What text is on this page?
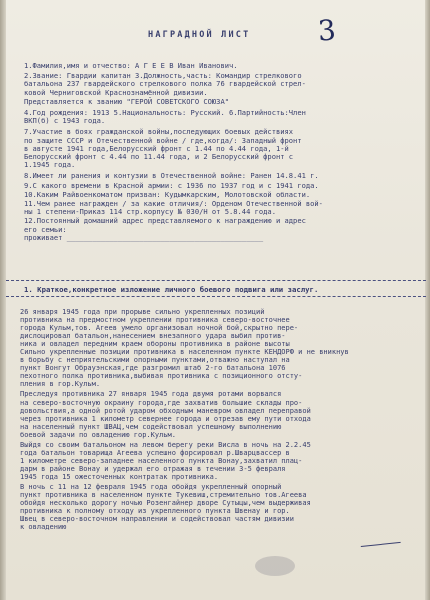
НАГРАДНОЙ ЛИСТ 3
1.Фамилия,имя и отчество: А Г Е Е В Иван Иванович.
2.Звание: Гвардии капитан 3.Должность,часть: Командир стрелкового
батальона 237 гвардейского стрелкового полка 76 гвардейской стрел-
ковой Черниговской Краснознамённой дивизии.
Представляется к званию "ГЕРОЙ СОВЕТСКОГО СОЮЗА"
4.Год рождения: 1913 5.Национальность: Русский. 6.Партийность:Член
ВКП(б) с 1943 года.
7.Участие в боях гражданской войны,последующих боевых действиях
по защите СССР и Отечественной войне / где,когда/: Западный фронт
в августе 1941 года,Белорусский фронт с 1.44 по 4.44 года, 1-й
Белорусский фронт с 4.44 по 11.44 года, и 2 Белорусский фронт с
1.1945 года.
8.Имеет ли ранения и контузии в Отечественной войне: Ранен 14.8.41 г.
9.С какого времени в Красной армии: с 1936 по 1937 год и с 1941 года.
10.Каким Райвоенкоматом призван: Кудымкарским, Молотовской области.
11.Чем ранее награжден / за какие отличия/: Орденом Отечественной вой-
ны 1 степени-Приказ 114 стр.корпусу № 030/Н от 5.8.44 года.
12.Постоянный домашний адрес представляемого к награждению и адрес
его семьи:
проживает ______________________________________________
1. Краткое,конкретное изложение личного боевого подвига или заслуг.
26 января 1945 года при прорыве сильно укрепленных позиций
противника на предмостном укреплении противника северо-восточнее
города Кульм,тов. Агеев умело организовал ночной бой,скрытно пере-
дислоцировал батальон,нанесением внезапного удара выбил против-
ника и овладел передним краем обороны противника в районе высоты
Сильно укрепленные позиции противника в населенном пункте КЕНДОРФ и не вникнув
в борьбу с неприятельскими опорными пунктами,отважно наступал на
пункт Вонгут Обрауэнская,где разгромил штаб 2-го батальона 1076
пехотного полка противника,выбивая противника с позиционного отсту-
пления в гор.Кульм.
Преследуя противника 27 января 1945 года двумя ротами ворвался
на северо-восточную окраину города,где захватив большие склады про-
довольствия,а одной ротой ударом обходным маневром овладел переправой
через противника 1 километр севернее города и отрезав ему пути отхода
на населенный пункт ШВАЦ,чем содействовал успешному выполнению
боевой задачи по овладению гор.Кульм.
Выйдя со своим батальоном на левом берегу реки Висла в ночь на 2.2.45
года батальон товарища Агеева успешно форсировал р.Шварцвассер в
1 километре северо-западнее населенного пункта Вонау,захватил плац-
дарм в районе Вонау и удержал его отражая в течении 3-5 февраля
1945 года 15 ожесточенных контратак противника.
В ночь с 11 на 12 февраля 1945 года обойдя укрепленный опорный
пункт противника в населенном пункте Тукевиш,стремительно тов.Агеева
обойдя несколько дорогу ночью Розенгайнер дворе Сутыцы,чем выдерживая
противника к полному отходу из укрепленного пункта Швенау и гор.
Швец в северо-восточном направлении и содействовал частям дивизии
к овладению
